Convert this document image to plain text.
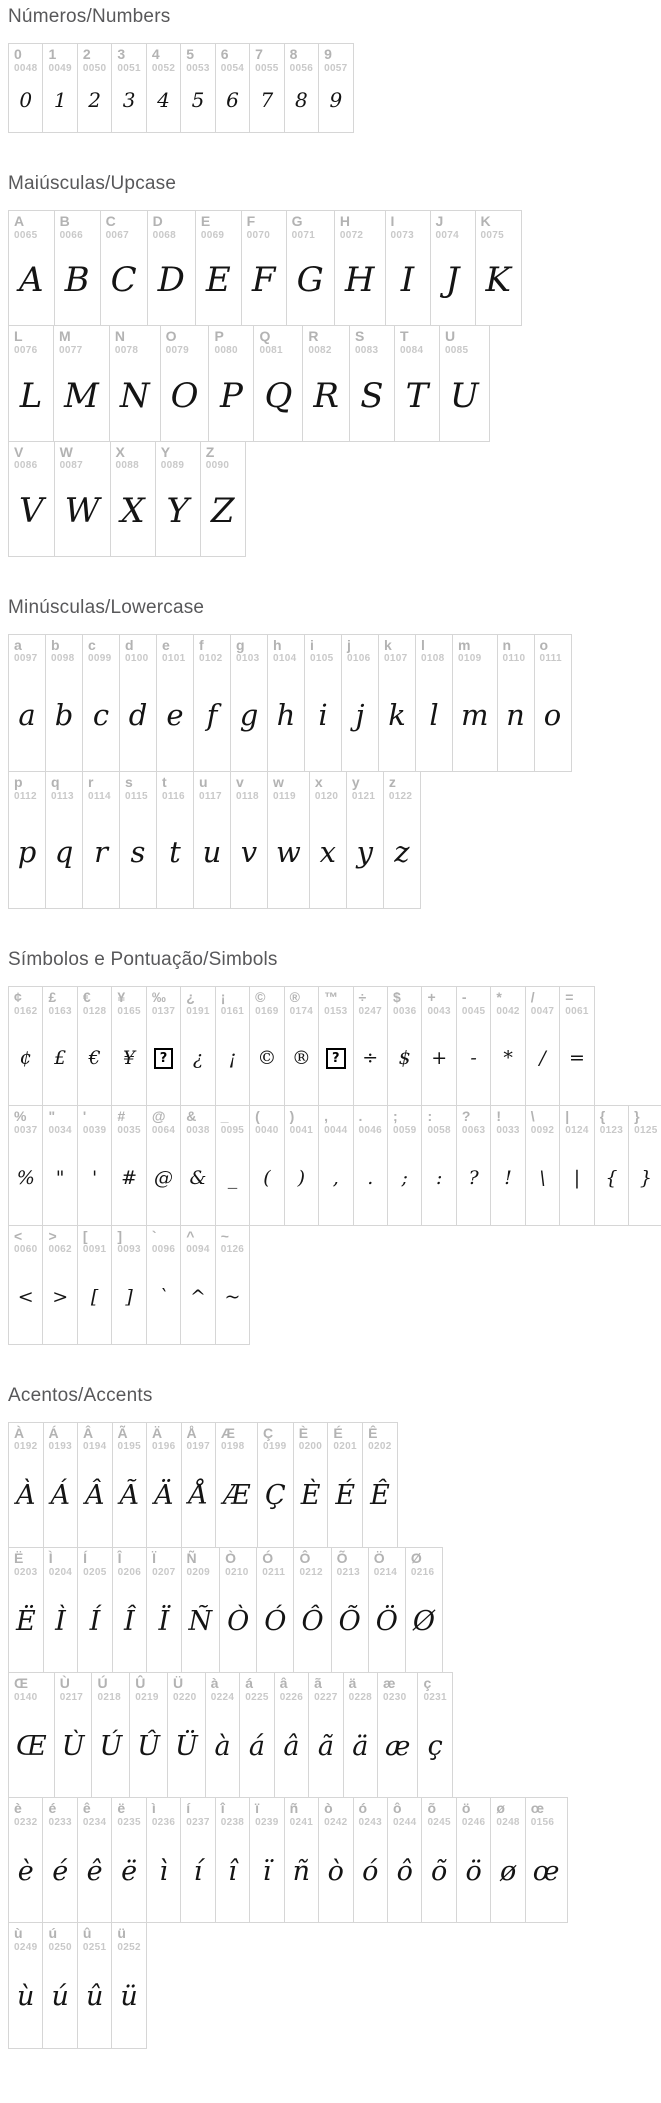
Números/Numbers
0
0048
0
1
0049
1
2
0050
2
3
0051
3
4
0052
4
5
0053
5
6
0054
6
7
0055
7
8
0056
8
9
0057
9
Maiúsculas/Upcase
A
0065
A
B
0066
B
C
0067
C
D
0068
D
E
0069
E
F
0070
F
G
0071
G
H
0072
H
I
0073
I
J
0074
J
K
0075
K
L
0076
L
M
0077
M
N
0078
N
O
0079
O
P
0080
P
Q
0081
Q
R
0082
R
S
0083
S
T
0084
T
U
0085
U
V
0086
V
W
0087
W
X
0088
X
Y
0089
Y
Z
0090
Z
Minúsculas/Lowercase
a
0097
a
b
0098
b
c
0099
c
d
0100
d
e
0101
e
f
0102
f
g
0103
g
h
0104
h
i
0105
i
j
0106
j
k
0107
k
l
0108
l
m
0109
m
n
0110
n
o
0111
o
p
0112
p
q
0113
q
r
0114
r
s
0115
s
t
0116
t
u
0117
u
v
0118
v
w
0119
w
x
0120
x
y
0121
y
z
0122
z
Símbolos e Pontuação/Simbols
¢
0162
¢
£
0163
£
€
0128
€
¥
0165
¥
‰
0137
?
¿
0191
¿
¡
0161
¡
©
0169
©
®
0174
®
™
0153
?
÷
0247
÷
$
0036
$
+
0043
+
-
0045
-
*
0042
*
/
0047
/
=
0061
=
%
0037
%
"
0034
"
'
0039
'
#
0035
#
@
0064
@
&
0038
&
_
0095
_
(
0040
(
)
0041
)
,
0044
,
.
0046
.
;
0059
;
:
0058
:
?
0063
?
!
0033
!
\
0092
\
|
0124
|
{
0123
{
}
0125
}
<
0060
<
>
0062
>
[
0091
[
]
0093
]
`
0096
`
^
0094
^
~
0126
~
Acentos/Accents
À
0192
À
Á
0193
Á
Â
0194
Â
Ã
0195
Ã
Ä
0196
Ä
Å
0197
Å
Æ
0198
Æ
Ç
0199
Ç
È
0200
È
É
0201
É
Ê
0202
Ê
Ë
0203
Ë
Ì
0204
Ì
Í
0205
Í
Î
0206
Î
Ï
0207
Ï
Ñ
0209
Ñ
Ò
0210
Ò
Ó
0211
Ó
Ô
0212
Ô
Õ
0213
Õ
Ö
0214
Ö
Ø
0216
Ø
Œ
0140
Œ
Ù
0217
Ù
Ú
0218
Ú
Û
0219
Û
Ü
0220
Ü
à
0224
à
á
0225
á
â
0226
â
ã
0227
ã
ä
0228
ä
æ
0230
æ
ç
0231
ç
è
0232
è
é
0233
é
ê
0234
ê
ë
0235
ë
ì
0236
ì
í
0237
í
î
0238
î
ï
0239
ï
ñ
0241
ñ
ò
0242
ò
ó
0243
ó
ô
0244
ô
õ
0245
õ
ö
0246
ö
ø
0248
ø
œ
0156
œ
ù
0249
ù
ú
0250
ú
û
0251
û
ü
0252
ü
